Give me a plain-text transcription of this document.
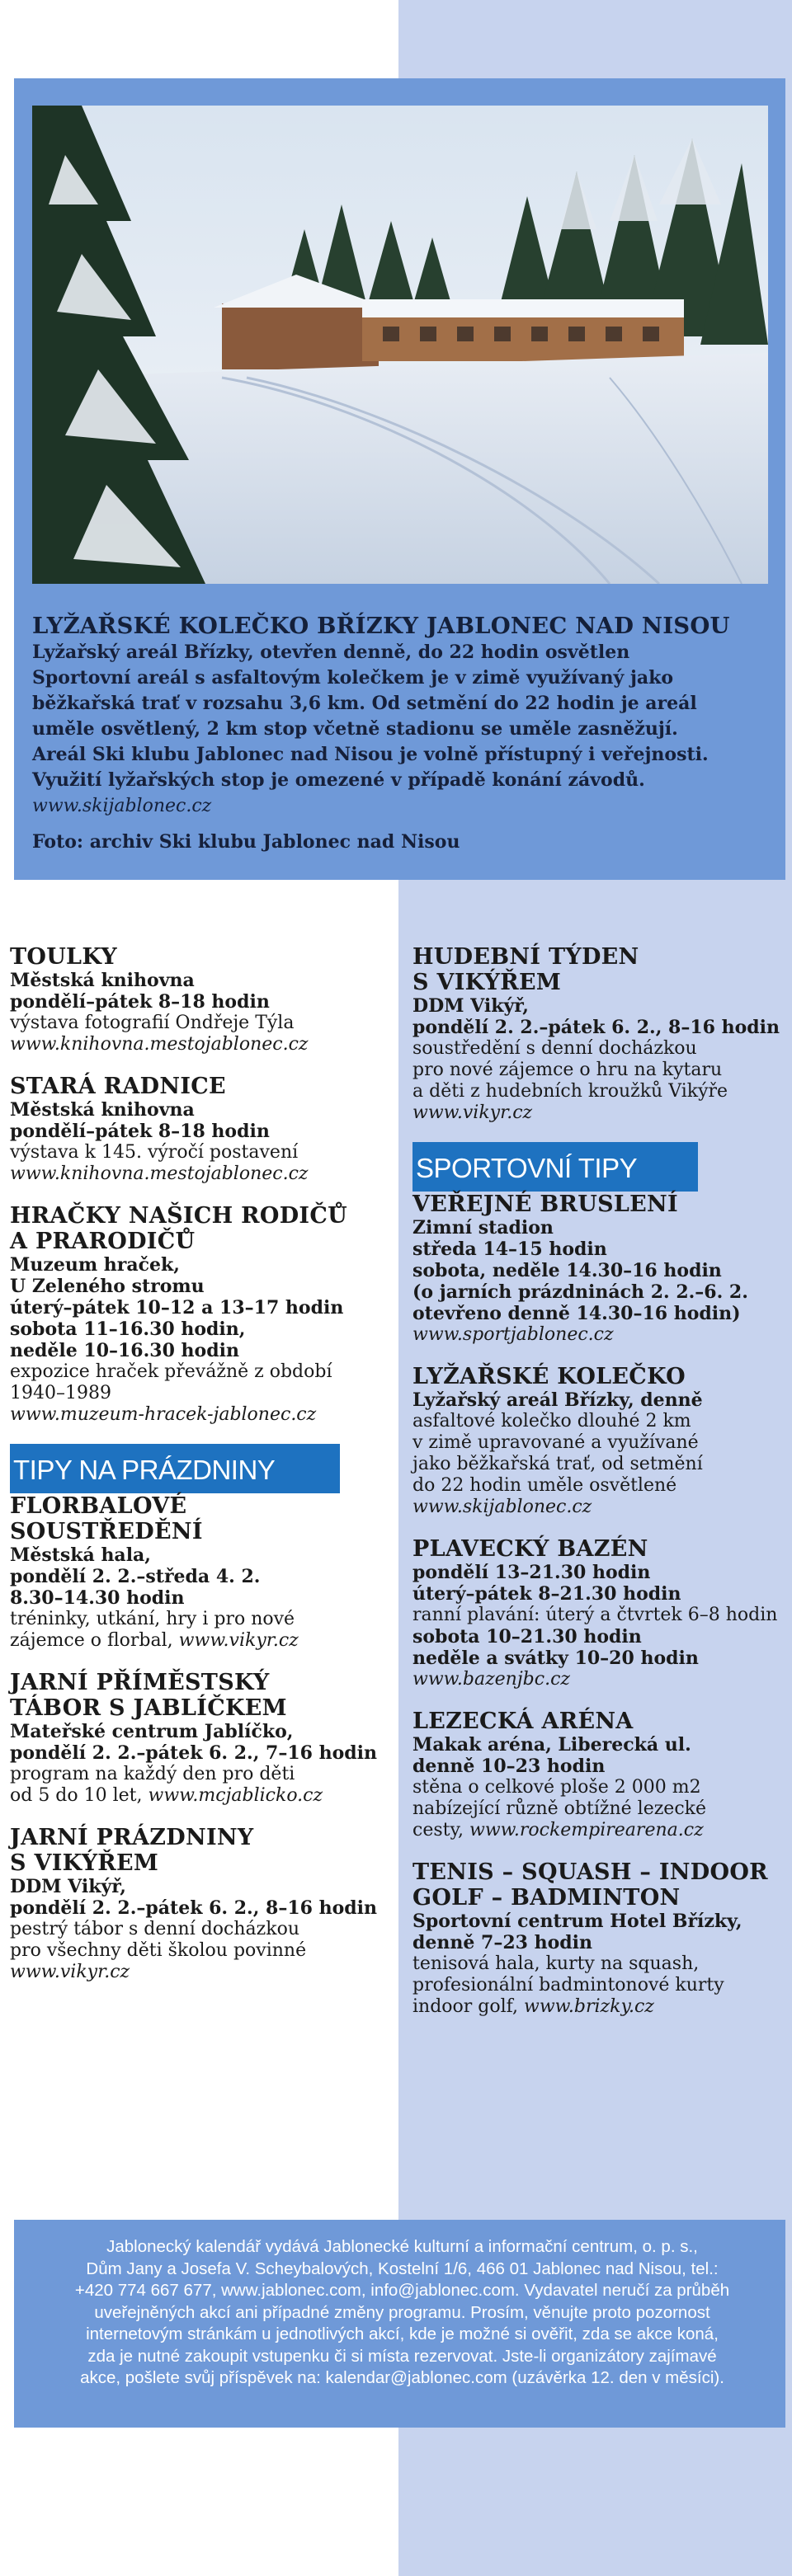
LYŽAŘSKÉ KOLEČKO BŘÍZKY JABLONEC NAD NISOU

Lyžařský areál Břízky, otevřen denně, do 22 hodin osvětlen

Sportovní areál s asfaltovým kolečkem je v zimě využívaný jako

běžkařská trať v rozsahu 3,6 km. Od setmění do 22 hodin je areál

uměle osvětlený, 2 km stop včetně stadionu se uměle zasněžují.

Areál Ski klubu Jablonec nad Nisou je volně přístupný i veřejnosti.

Využití lyžařských stop je omezené v případě konání závodů.

www.skijablonec.cz

Foto: archiv Ski klubu Jablonec nad Nisou

TOULKY
Městská knihovna
pondělí–pátek 8–18 hodin
výstava fotografií Ondřeje Týla
www.knihovna.mestojablonec.cz
STARÁ RADNICE
Městská knihovna
pondělí–pátek 8–18 hodin
výstava k 145. výročí postavení
www.knihovna.mestojablonec.cz
HRAČKY NAŠICH RODIČŮ
A PRARODIČŮ
Muzeum hraček,
U Zeleného stromu
úterý–pátek 10–12 a 13–17 hodin
sobota 11–16.30 hodin,
neděle 10–16.30 hodin
expozice hraček převážně z období
1940–1989
www.muzeum-hracek-jablonec.cz
TIPY NA PRÁZDNINY
FLORBALOVÉ
SOUSTŘEDĚNÍ
Městská hala,
pondělí 2. 2.–středa 4. 2.
8.30–14.30 hodin
tréninky, utkání, hry i pro nové
zájemce o florbal, www.vikyr.cz
JARNÍ PŘÍMĚSTSKÝ
TÁBOR S JABLÍČKEM
Mateřské centrum Jablíčko,
pondělí 2. 2.–pátek 6. 2., 7–16 hodin
program na každý den pro děti
od 5 do 10 let, www.mcjablicko.cz
JARNÍ PRÁZDNINY
S VIKÝŘEM
DDM Vikýř,
pondělí 2. 2.–pátek 6. 2., 8–16 hodin
pestrý tábor s denní docházkou
pro všechny děti školou povinné
www.vikyr.cz
HUDEBNÍ TÝDEN
S VIKÝŘEM
DDM Vikýř,
pondělí 2. 2.–pátek 6. 2., 8–16 hodin
soustředění s denní docházkou
pro nové zájemce o hru na kytaru
a děti z hudebních kroužků Vikýře
www.vikyr.cz
SPORTOVNÍ TIPY
VEŘEJNÉ BRUSLENÍ
Zimní stadion
středa 14–15 hodin
sobota, neděle 14.30–16 hodin
(o jarních prázdninách 2. 2.–6. 2.
otevřeno denně 14.30–16 hodin)
www.sportjablonec.cz
LYŽAŘSKÉ KOLEČKO
Lyžařský areál Břízky, denně
asfaltové kolečko dlouhé 2 km
v zimě upravované a využívané
jako běžkařská trať, od setmění
do 22 hodin uměle osvětlené
www.skijablonec.cz
PLAVECKÝ BAZÉN
pondělí 13–21.30 hodin
úterý–pátek 8–21.30 hodin
ranní plavání: úterý a čtvrtek 6–8 hodin
sobota 10–21.30 hodin
neděle a svátky 10–20 hodin
www.bazenjbc.cz
LEZECKÁ ARÉNA
Makak aréna, Liberecká ul.
denně 10–23 hodin
stěna o celkové ploše 2 000 m2
nabízející různě obtížné lezecké
cesty, www.rockempirearena.cz
TENIS – SQUASH – INDOOR
GOLF – BADMINTON
Sportovní centrum Hotel Břízky,
denně 7–23 hodin
tenisová hala, kurty na squash,
profesionální badmintonové kurty
indoor golf, www.brizky.cz
Jablonecký kalendář vydává Jablonecké kulturní a informační centrum, o. p. s.,
Dům Jany a Josefa V. Scheybalových, Kostelní 1/6, 466 01 Jablonec nad Nisou, tel.:
+420 774 667 677, www.jablonec.com, info@jablonec.com. Vydavatel neručí za průběh
uveřejněných akcí ani případné změny programu. Prosím, věnujte proto pozornost
internetovým stránkám u jednotlivých akcí, kde je možné si ověřit, zda se akce koná,
zda je nutné zakoupit vstupenku či si místa rezervovat. Jste-li organizátory zajímavé
akce, pošlete svůj příspěvek na: kalendar@jablonec.com (uzávěrka 12. den v měsíci).
